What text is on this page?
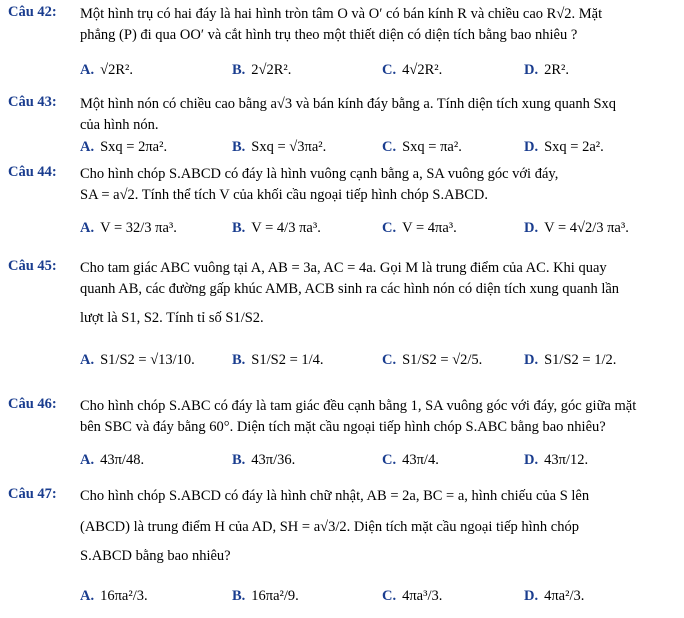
Câu 42: Một hình trụ có hai đáy là hai hình tròn tâm O và O′ có bán kính R và chiều cao R√2. Mặt

phẳng (P) đi qua OO′ và cắt hình trụ theo một thiết diện có diện tích bằng bao nhiêu ?

A. √2R².	B. 2√2R².	C. 4√2R².	D. 2R².
Câu 43: Một hình nón có chiều cao bằng a√3 và bán kính đáy bằng a. Tính diện tích xung quanh Sxq

của hình nón.

A. Sxq = 2πa².	B. Sxq = √3πa².	C. Sxq = πa².	D. Sxq = 2a².
Câu 44: Cho hình chóp S.ABCD có đáy là hình vuông cạnh bằng a, SA vuông góc với đáy,

SA = a√2. Tính thể tích V của khối cầu ngoại tiếp hình chóp S.ABCD.

A. V = 32/3 πa³.	B. V = 4/3 πa³.	C. V = 4πa³.	D. V = 4√2/3 πa³.
Câu 45: Cho tam giác ABC vuông tại A, AB = 3a, AC = 4a. Gọi M là trung điểm của AC. Khi quay

quanh AB, các đường gấp khúc AMB, ACB sinh ra các hình nón có diện tích xung quanh lần

lượt là S1, S2. Tính tỉ số S1/S2.

A. S1/S2 = √13/10.	B. S1/S2 = 1/4.	C. S1/S2 = √2/5.	D. S1/S2 = 1/2.
Câu 46: Cho hình chóp S.ABC có đáy là tam giác đều cạnh bằng 1, SA vuông góc với đáy, góc giữa mặt

bên SBC và đáy bằng 60°. Diện tích mặt cầu ngoại tiếp hình chóp S.ABC bằng bao nhiêu?

A. 43π/48.	B. 43π/36.	C. 43π/4.	D. 43π/12.
Câu 47: Cho hình chóp S.ABCD có đáy là hình chữ nhật, AB = 2a, BC = a, hình chiếu của S lên

(ABCD) là trung điểm H của AD, SH = a√3/2. Diện tích mặt cầu ngoại tiếp hình chóp

S.ABCD bằng bao nhiêu?

A. 16πa²/3.	B. 16πa²/9.	C. 4πa³/3.	D. 4πa²/3.
